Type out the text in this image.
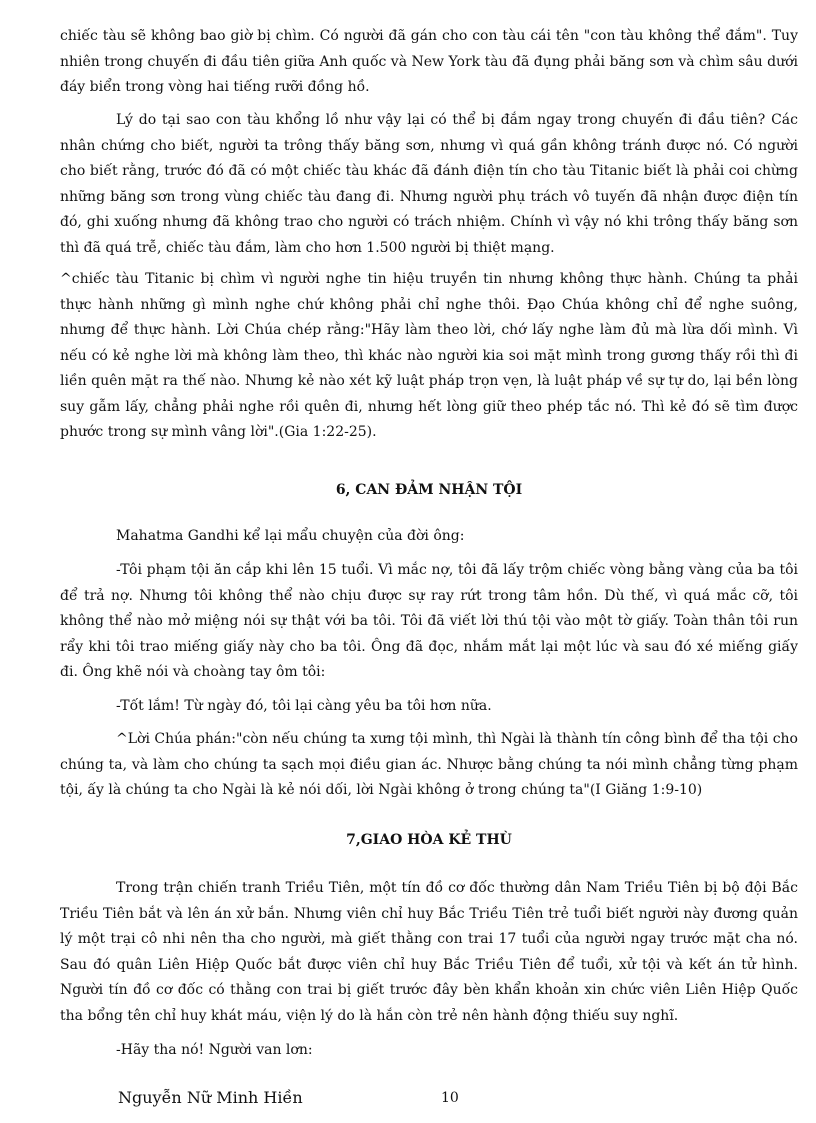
chiếc tàu sẽ không bao giờ bị chìm. Có người đã gán cho con tàu cái tên "con tàu không thể đắm". Tuy nhiên trong chuyến đi đầu tiên giữa Anh quốc và New York tàu đã đụng phải băng sơn và chìm sâu dưới đáy biển trong vòng hai tiếng rưỡi đồng hồ.

Lý do tại sao con tàu khổng lồ như vậy lại có thể bị đắm ngay trong chuyến đi đầu tiên? Các nhân chứng cho biết, người ta trông thấy băng sơn, nhưng vì quá gần không tránh được nó. Có người cho biết rằng, trước đó đã có một chiếc tàu khác đã đánh điện tín cho tàu Titanic biết là phải coi chừng những băng sơn trong vùng chiếc tàu đang đi. Nhưng người phụ trách vô tuyến đã nhận được điện tín đó, ghi xuống nhưng đã không trao cho người có trách nhiệm. Chính vì vậy nó khi trông thấy băng sơn thì đã quá trễ, chiếc tàu đắm, làm cho hơn 1.500 người bị thiệt mạng.

^chiếc tàu Titanic bị chìm vì người nghe tin hiệu truyền tin nhưng không thực hành. Chúng ta phải thực hành những gì mình nghe chứ không phải chỉ nghe thôi. Đạo Chúa không chỉ để nghe suông, nhưng để thực hành. Lời Chúa chép rằng:"Hãy làm theo lời, chớ lấy nghe làm đủ mà lừa dối mình. Vì nếu có kẻ nghe lời mà không làm theo, thì khác nào người kia soi mặt mình trong gương thấy rồi thì đi liền quên mặt ra thế nào. Nhưng kẻ nào xét kỹ luật pháp trọn vẹn, là luật pháp về sự tự do, lại bền lòng suy gẫm lấy, chẳng phải nghe rồi quên đi, nhưng hết lòng giữ theo phép tắc nó. Thì kẻ đó sẽ tìm được phước trong sự mình vâng lời".(Gia 1:22-25).

6, CAN ĐẢM NHẬN TỘI

Mahatma Gandhi kể lại mẩu chuyện của đời ông:

-Tôi phạm tội ăn cắp khi lên 15 tuổi. Vì mắc nợ, tôi đã lấy trộm chiếc vòng bằng vàng của ba tôi để trả nợ. Nhưng tôi không thể nào chịu được sự ray rứt trong tâm hồn. Dù thế, vì quá mắc cỡ, tôi không thể nào mở miệng nói sự thật với ba tôi. Tôi đã viết lời thú tội vào một tờ giấy. Toàn thân tôi run rẩy khi tôi trao miếng giấy này cho ba tôi. Ông đã đọc, nhắm mắt lại một lúc và sau đó xé miếng giấy đi. Ông khẽ nói và choàng tay ôm tôi:

-Tốt lắm! Từ ngày đó, tôi lại càng yêu ba tôi hơn nữa.

^Lời Chúa phán:"còn nếu chúng ta xưng tội mình, thì Ngài là thành tín công bình để tha tội cho chúng ta, và làm cho chúng ta sạch mọi điều gian ác. Nhược bằng chúng ta nói mình chẳng từng phạm tội, ấy là chúng ta cho Ngài là kẻ nói dối, lời Ngài không ở trong chúng ta"(I Giăng 1:9-10)

7,GIAO HÒA KẺ THÙ

Trong trận chiến tranh Triều Tiên, một tín đồ cơ đốc thường dân Nam Triều Tiên bị bộ đội Bắc Triều Tiên bắt và lên án xử bắn. Nhưng viên chỉ huy Bắc Triều Tiên trẻ tuổi biết người này đương quản lý một trại cô nhi nên tha cho người, mà giết thằng con trai 17 tuổi của người ngay trước mặt cha nó. Sau đó quân Liên Hiệp Quốc bắt được viên chỉ huy Bắc Triều Tiên để tuổi, xử tội và kết án tử hình. Người tín đồ cơ đốc có thằng con trai bị giết trước đây bèn khẩn khoản xin chức viên Liên Hiệp Quốc tha bổng tên chỉ huy khát máu, viện lý do là hắn còn trẻ nên hành động thiếu suy nghĩ.

-Hãy tha nó! Người van lơn:

Nguyễn Nữ Minh Hiền	10
